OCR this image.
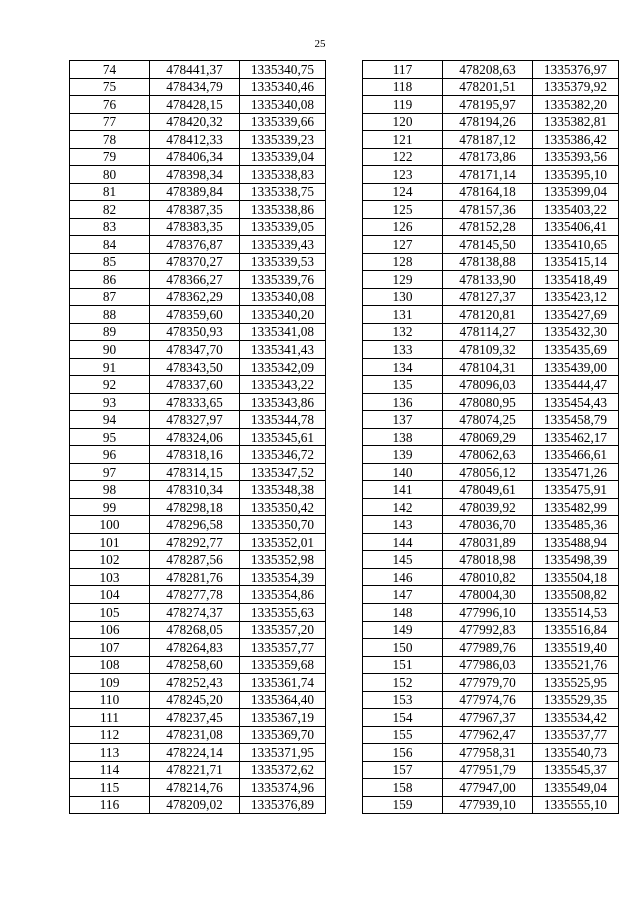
25
74	478441,37	1335340,75
75	478434,79	1335340,46
76	478428,15	1335340,08
77	478420,32	1335339,66
78	478412,33	1335339,23
79	478406,34	1335339,04
80	478398,34	1335338,83
81	478389,84	1335338,75
82	478387,35	1335338,86
83	478383,35	1335339,05
84	478376,87	1335339,43
85	478370,27	1335339,53
86	478366,27	1335339,76
87	478362,29	1335340,08
88	478359,60	1335340,20
89	478350,93	1335341,08
90	478347,70	1335341,43
91	478343,50	1335342,09
92	478337,60	1335343,22
93	478333,65	1335343,86
94	478327,97	1335344,78
95	478324,06	1335345,61
96	478318,16	1335346,72
97	478314,15	1335347,52
98	478310,34	1335348,38
99	478298,18	1335350,42
100	478296,58	1335350,70
101	478292,77	1335352,01
102	478287,56	1335352,98
103	478281,76	1335354,39
104	478277,78	1335354,86
105	478274,37	1335355,63
106	478268,05	1335357,20
107	478264,83	1335357,77
108	478258,60	1335359,68
109	478252,43	1335361,74
110	478245,20	1335364,40
111	478237,45	1335367,19
112	478231,08	1335369,70
113	478224,14	1335371,95
114	478221,71	1335372,62
115	478214,76	1335374,96
116	478209,02	1335376,89
117	478208,63	1335376,97
118	478201,51	1335379,92
119	478195,97	1335382,20
120	478194,26	1335382,81
121	478187,12	1335386,42
122	478173,86	1335393,56
123	478171,14	1335395,10
124	478164,18	1335399,04
125	478157,36	1335403,22
126	478152,28	1335406,41
127	478145,50	1335410,65
128	478138,88	1335415,14
129	478133,90	1335418,49
130	478127,37	1335423,12
131	478120,81	1335427,69
132	478114,27	1335432,30
133	478109,32	1335435,69
134	478104,31	1335439,00
135	478096,03	1335444,47
136	478080,95	1335454,43
137	478074,25	1335458,79
138	478069,29	1335462,17
139	478062,63	1335466,61
140	478056,12	1335471,26
141	478049,61	1335475,91
142	478039,92	1335482,99
143	478036,70	1335485,36
144	478031,89	1335488,94
145	478018,98	1335498,39
146	478010,82	1335504,18
147	478004,30	1335508,82
148	477996,10	1335514,53
149	477992,83	1335516,84
150	477989,76	1335519,40
151	477986,03	1335521,76
152	477979,70	1335525,95
153	477974,76	1335529,35
154	477967,37	1335534,42
155	477962,47	1335537,77
156	477958,31	1335540,73
157	477951,79	1335545,37
158	477947,00	1335549,04
159	477939,10	1335555,10
